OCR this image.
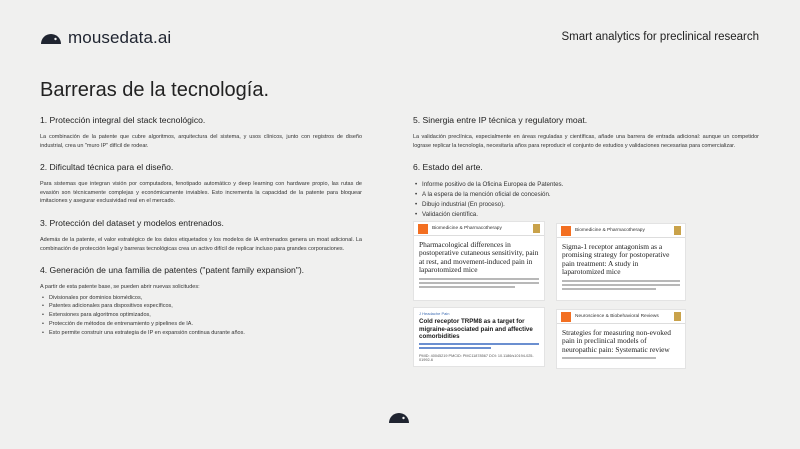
mousedata.ai	Smart analytics for preclinical research
Barreras de la tecnología.
1. Protección integral del stack tecnológico.

La combinación de la patente que cubre algoritmos, arquitectura del sistema, y usos clínicos, junto con registros de diseño industrial, crea un "muro IP" difícil de rodear.

2. Dificultad técnica para el diseño.

Para sistemas que integran visión por computadora, fenotipado automático y deep learning con hardware propio, las rutas de evasión son técnicamente complejas y económicamente inviables. Esto incrementa la capacidad de la patente para bloquear imitaciones y asegurar exclusividad real en el mercado.

3. Protección del dataset y modelos entrenados.

Además de la patente, el valor estratégico de los datos etiquetados y los modelos de IA entrenados genera un moat adicional. La combinación de protección legal y barreras tecnológicas crea un activo difícil de replicar incluso para grandes corporaciones.

4. Generación de una familia de patentes ("patent family expansion").

A partir de esta patente base, se pueden abrir nuevas solicitudes:

• Divisionales por dominios biomédicos,
• Patentes adicionales para dispositivos específicos,
• Extensiones para algoritmos optimizados,
• Protección de métodos de entrenamiento y pipelines de IA.
• Esto permite construir una estrategia de IP en expansión continua durante años.
5. Sinergia entre IP técnica y regulatory moat.

La validación preclínica, especialmente en áreas reguladas y científicas, añade una barrera de entrada adicional: aunque un competidor lograse replicar la tecnología, necesitaría años para reproducir el conjunto de estudios y validaciones necesarias para comercializar.

6. Estado del arte.
• Informe positivo de la Oficina Europea de Patentes.
• A la espera de la mención oficial de concesión.
• Dibujo industrial (En proceso).
• Validación científica.
Biomedicine & Pharmacotherapy
Pharmacological differences in postoperative cutaneous sensitivity, pain at rest, and movement-induced pain in laparotomized mice
Biomedicine & Pharmacotherapy
Sigma-1 receptor antagonism as a promising strategy for postoperative pain treatment: A study in laparotomized mice
J Headache Pain
Cold receptor TRPM8 as a target for migraine-associated pain and affective comorbidities
PMID: 40045219 PMCID: PMC11878567 DOI: 10.1186/s10194-025-01992-6
Neuroscience & Biobehavioral Reviews
Strategies for measuring non-evoked pain in preclinical models of neuropathic pain: Systematic review
